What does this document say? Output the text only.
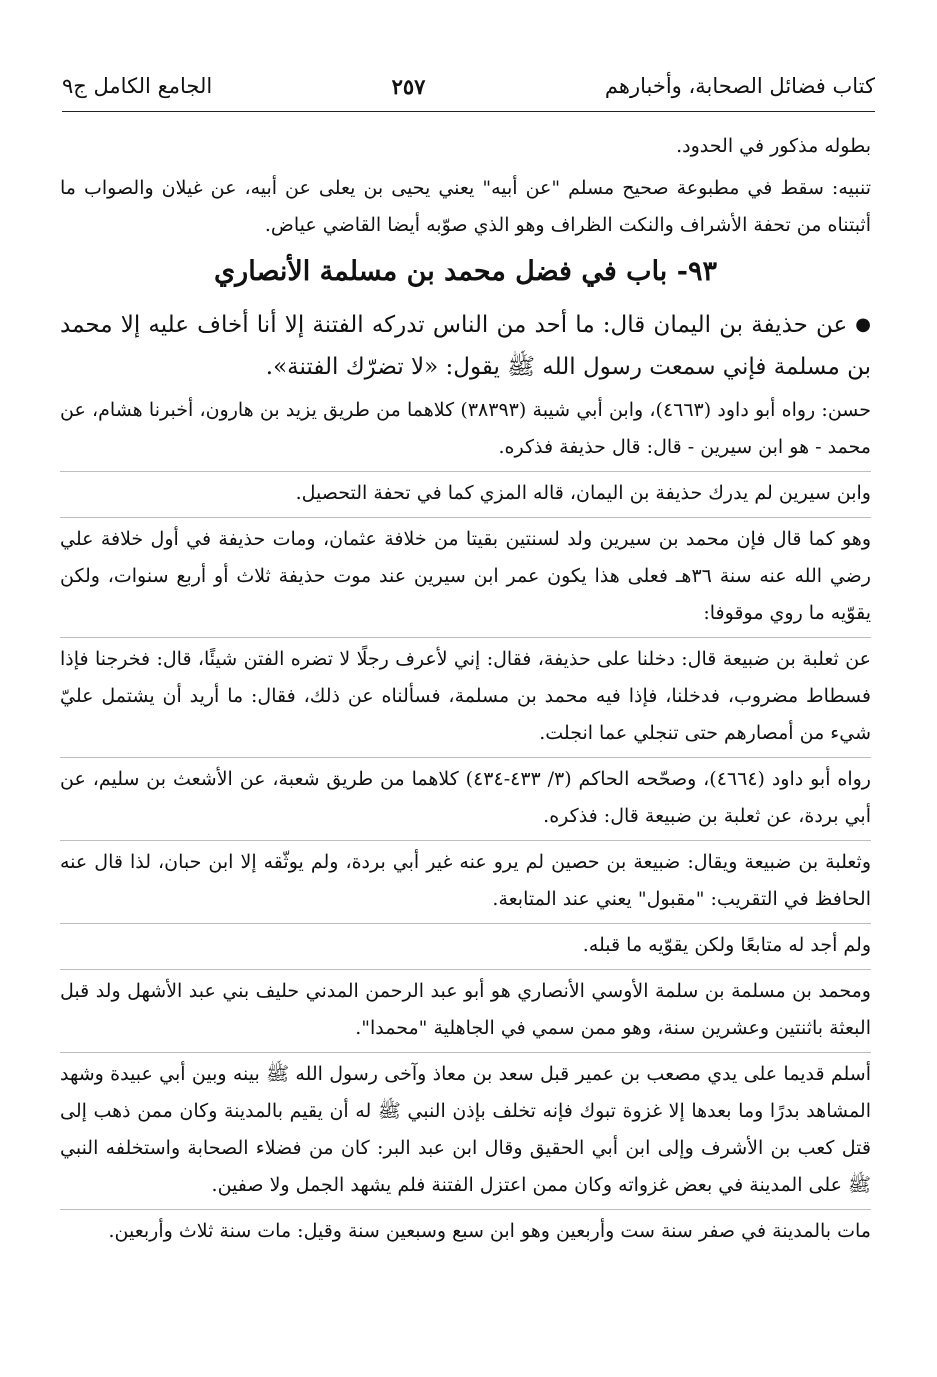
كتاب فضائل الصحابة، وأخبارهم
٢٥٧
الجامع الكامل ج٩

بطوله مذكور في الحدود.

تنبيه: سقط في مطبوعة صحيح مسلم "عن أبيه" يعني يحيى بن يعلى عن أبيه، عن غيلان والصواب ما أثبتناه من تحفة الأشراف والنكت الظراف وهو الذي صوّبه أيضا القاضي عياض.

٩٣- باب في فضل محمد بن مسلمة الأنصاري

●عن حذيفة بن اليمان قال: ما أحد من الناس تدركه الفتنة إلا أنا أخاف عليه إلا محمد بن مسلمة فإني سمعت رسول الله ﷺ يقول: «لا تضرّك الفتنة».

حسن: رواه أبو داود (٤٦٦٣)، وابن أبي شيبة (٣٨٣٩٣) كلاهما من طريق يزيد بن هارون، أخبرنا هشام، عن محمد - هو ابن سيرين - قال: قال حذيفة فذكره.

وابن سيرين لم يدرك حذيفة بن اليمان، قاله المزي كما في تحفة التحصيل.

وهو كما قال فإن محمد بن سيرين ولد لسنتين بقيتا من خلافة عثمان، ومات حذيفة في أول خلافة علي رضي الله عنه سنة ٣٦هـ فعلى هذا يكون عمر ابن سيرين عند موت حذيفة ثلاث أو أربع سنوات، ولكن يقوّيه ما روي موقوفا:

عن ثعلبة بن ضبيعة قال: دخلنا على حذيفة، فقال: إني لأعرف رجلًا لا تضره الفتن شيئًا، قال: فخرجنا فإذا فسطاط مضروب، فدخلنا، فإذا فيه محمد بن مسلمة، فسألناه عن ذلك، فقال: ما أريد أن يشتمل عليّ شيء من أمصارهم حتى تنجلي عما انجلت.

رواه أبو داود (٤٦٦٤)، وصحّحه الحاكم (٣/ ٤٣٣-٤٣٤) كلاهما من طريق شعبة، عن الأشعث بن سليم، عن أبي بردة، عن ثعلبة بن ضبيعة قال: فذكره.

وثعلبة بن ضبيعة ويقال: ضبيعة بن حصين لم يرو عنه غير أبي بردة، ولم يوثّقه إلا ابن حبان، لذا قال عنه الحافظ في التقريب: "مقبول" يعني عند المتابعة.

ولم أجد له متابعًا ولكن يقوّيه ما قبله.

ومحمد بن مسلمة بن سلمة الأوسي الأنصاري هو أبو عبد الرحمن المدني حليف بني عبد الأشهل ولد قبل البعثة باثنتين وعشرين سنة، وهو ممن سمي في الجاهلية "محمدا".

أسلم قديما على يدي مصعب بن عمير قبل سعد بن معاذ وآخى رسول الله ﷺ بينه وبين أبي عبيدة وشهد المشاهد بدرًا وما بعدها إلا غزوة تبوك فإنه تخلف بإذن النبي ﷺ له أن يقيم بالمدينة وكان ممن ذهب إلى قتل كعب بن الأشرف وإلى ابن أبي الحقيق وقال ابن عبد البر: كان من فضلاء الصحابة واستخلفه النبي ﷺ على المدينة في بعض غزواته وكان ممن اعتزل الفتنة فلم يشهد الجمل ولا صفين.

مات بالمدينة في صفر سنة ست وأربعين وهو ابن سبع وسبعين سنة وقيل: مات سنة ثلاث وأربعين.
